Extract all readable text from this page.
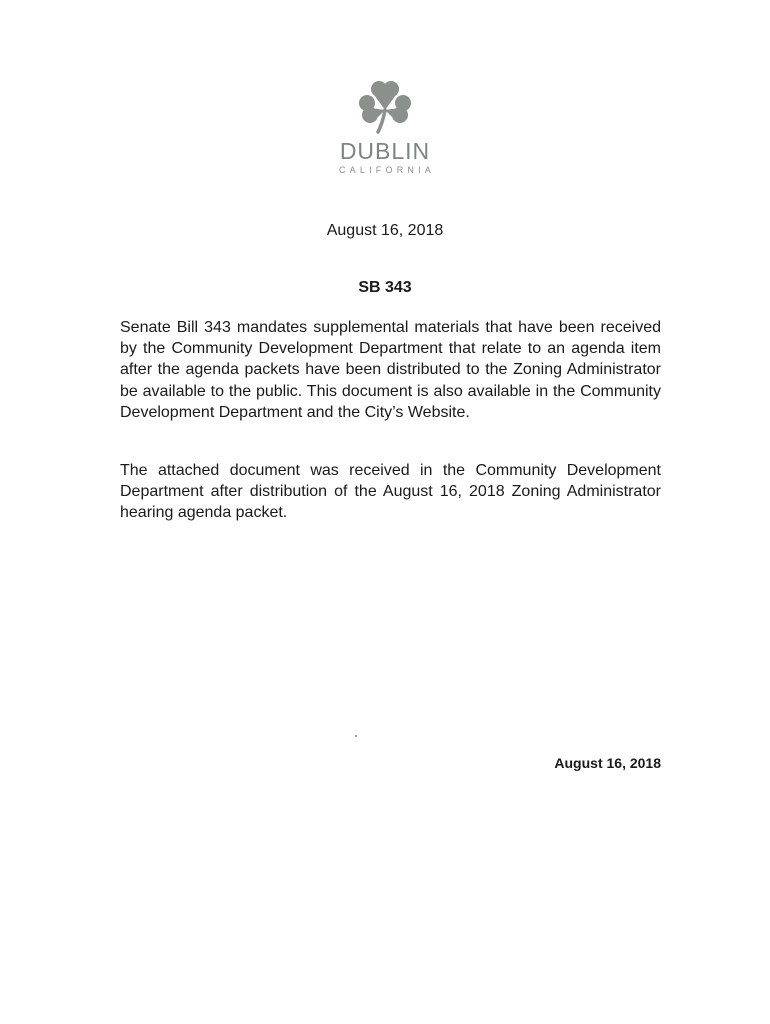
DUBLIN
CALIFORNIA
August 16, 2018
SB 343

Senate Bill 343 mandates supplemental materials that have been received by the Community Development Department that relate to an agenda item after the agenda packets have been distributed to the Zoning Administrator be available to the public. This document is also available in the Community Development Department and the City’s Website.

The attached document was received in the Community Development Department after distribution of the August 16, 2018 Zoning Administrator hearing agenda packet.

August 16, 2018
